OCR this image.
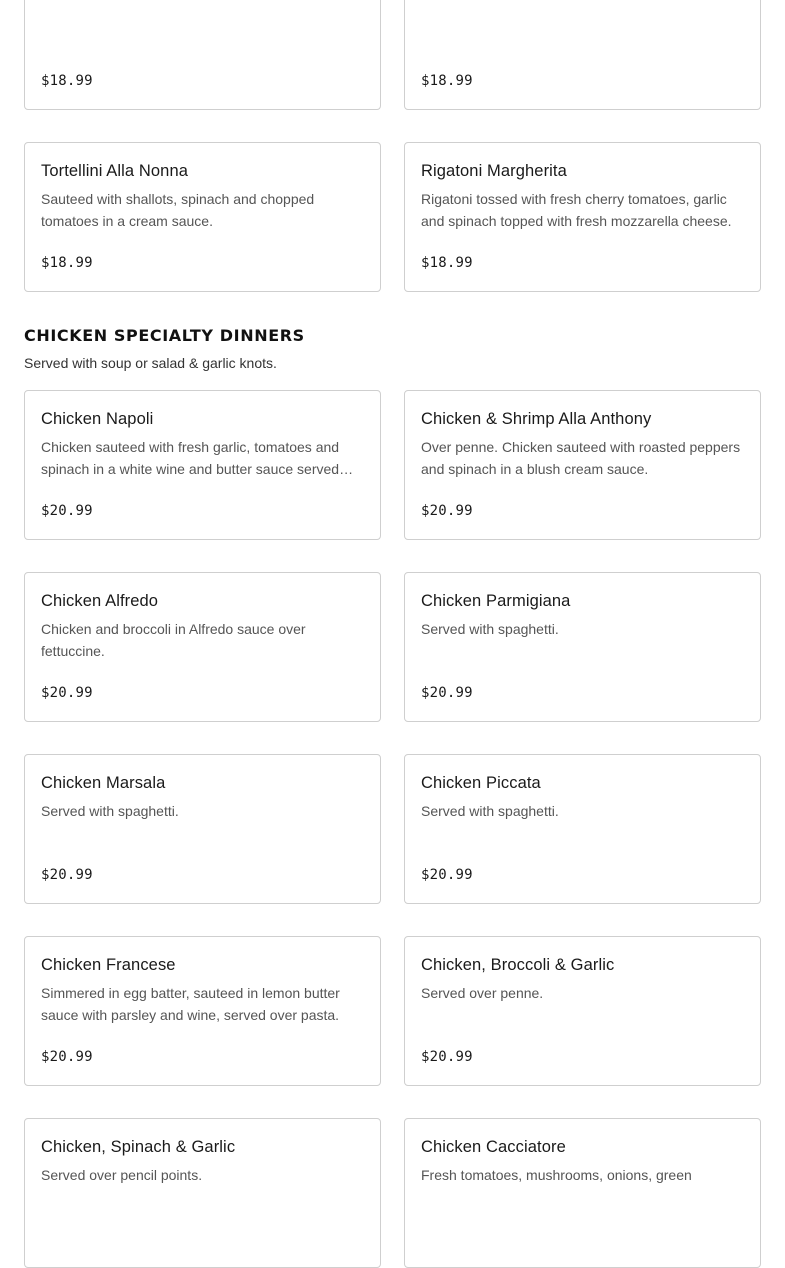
$18.99	$18.99
Tortellini Alla Nonna
Sauteed with shallots, spinach and chopped tomatoes in a cream sauce.
$18.99
Rigatoni Margherita
Rigatoni tossed with fresh cherry tomatoes, garlic and spinach topped with fresh mozzarella cheese.
$18.99
CHICKEN SPECIALTY DINNERS
Served with soup or salad & garlic knots.
Chicken Napoli
Chicken sauteed with fresh garlic, tomatoes and spinach in a white wine and butter sauce served…
$20.99
Chicken & Shrimp Alla Anthony
Over penne. Chicken sauteed with roasted peppers and spinach in a blush cream sauce.
$20.99
Chicken Alfredo
Chicken and broccoli in Alfredo sauce over fettuccine.
$20.99
Chicken Parmigiana
Served with spaghetti.
$20.99
Chicken Marsala
Served with spaghetti.
$20.99
Chicken Piccata
Served with spaghetti.
$20.99
Chicken Francese
Simmered in egg batter, sauteed in lemon butter sauce with parsley and wine, served over pasta.
$20.99
Chicken, Broccoli & Garlic
Served over penne.
$20.99
Chicken, Spinach & Garlic
Served over pencil points.
Chicken Cacciatore
Fresh tomatoes, mushrooms, onions, green
